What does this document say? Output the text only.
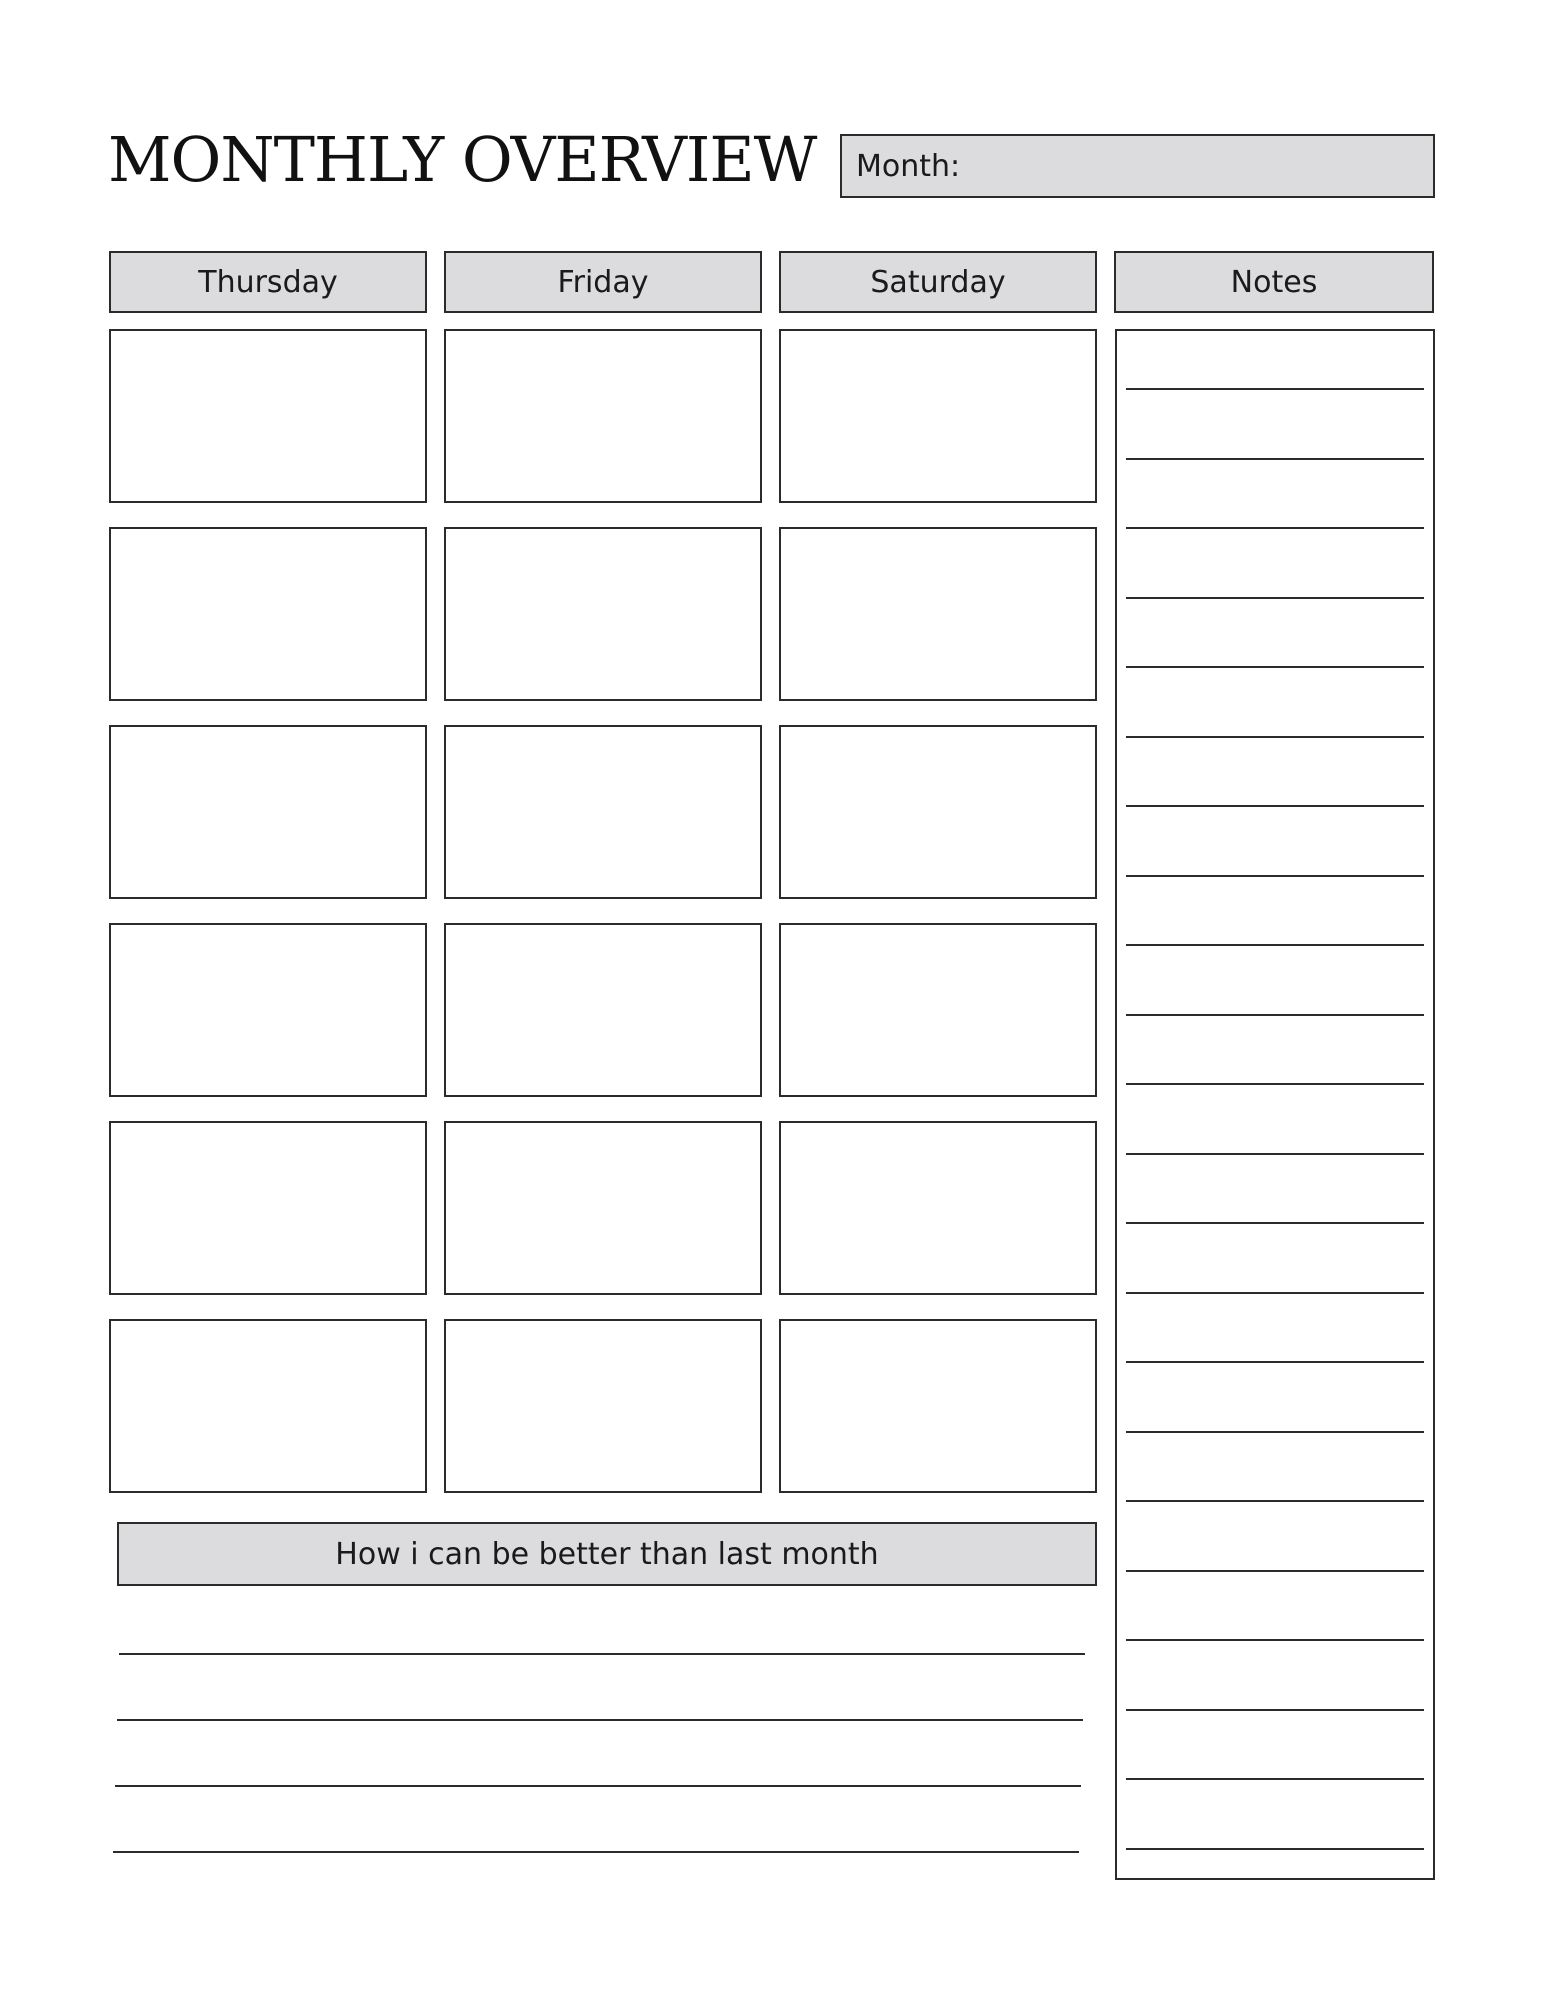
MONTHLY OVERVIEW Month:
Thursday	Friday	Saturday	Notes
How i can be better than last month
